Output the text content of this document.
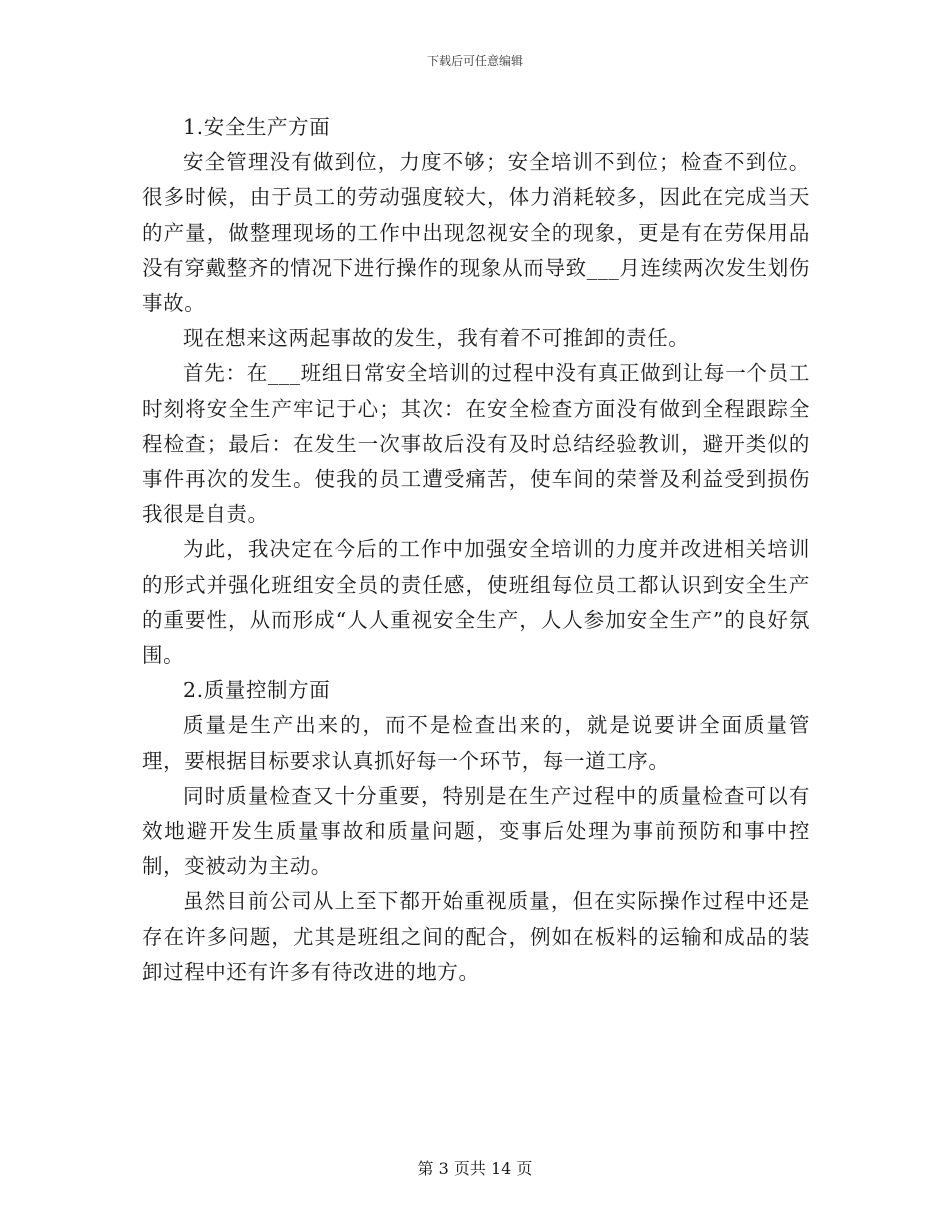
下载后可任意编辑

1.安全生产方面

安全管理没有做到位，力度不够；安全培训不到位；检查不到位。很多时候，由于员工的劳动强度较大，体力消耗较多，因此在完成当天的产量，做整理现场的工作中出现忽视安全的现象，更是有在劳保用品没有穿戴整齐的情况下进行操作的现象从而导致___月连续两次发生划伤事故。

现在想来这两起事故的发生，我有着不可推卸的责任。

首先：在___班组日常安全培训的过程中没有真正做到让每一个员工时刻将安全生产牢记于心；其次：在安全检查方面没有做到全程跟踪全程检查；最后：在发生一次事故后没有及时总结经验教训，避开类似的事件再次的发生。使我的员工遭受痛苦，使车间的荣誉及利益受到损伤我很是自责。

为此，我决定在今后的工作中加强安全培训的力度并改进相关培训的形式并强化班组安全员的责任感，使班组每位员工都认识到安全生产的重要性，从而形成“人人重视安全生产，人人参加安全生产”的良好氛围。

2.质量控制方面

质量是生产出来的，而不是检查出来的，就是说要讲全面质量管理，要根据目标要求认真抓好每一个环节，每一道工序。

同时质量检查又十分重要，特别是在生产过程中的质量检查可以有效地避开发生质量事故和质量问题，变事后处理为事前预防和事中控制，变被动为主动。

虽然目前公司从上至下都开始重视质量，但在实际操作过程中还是存在许多问题，尤其是班组之间的配合，例如在板料的运输和成品的装卸过程中还有许多有待改进的地方。

第 3 页共 14 页
